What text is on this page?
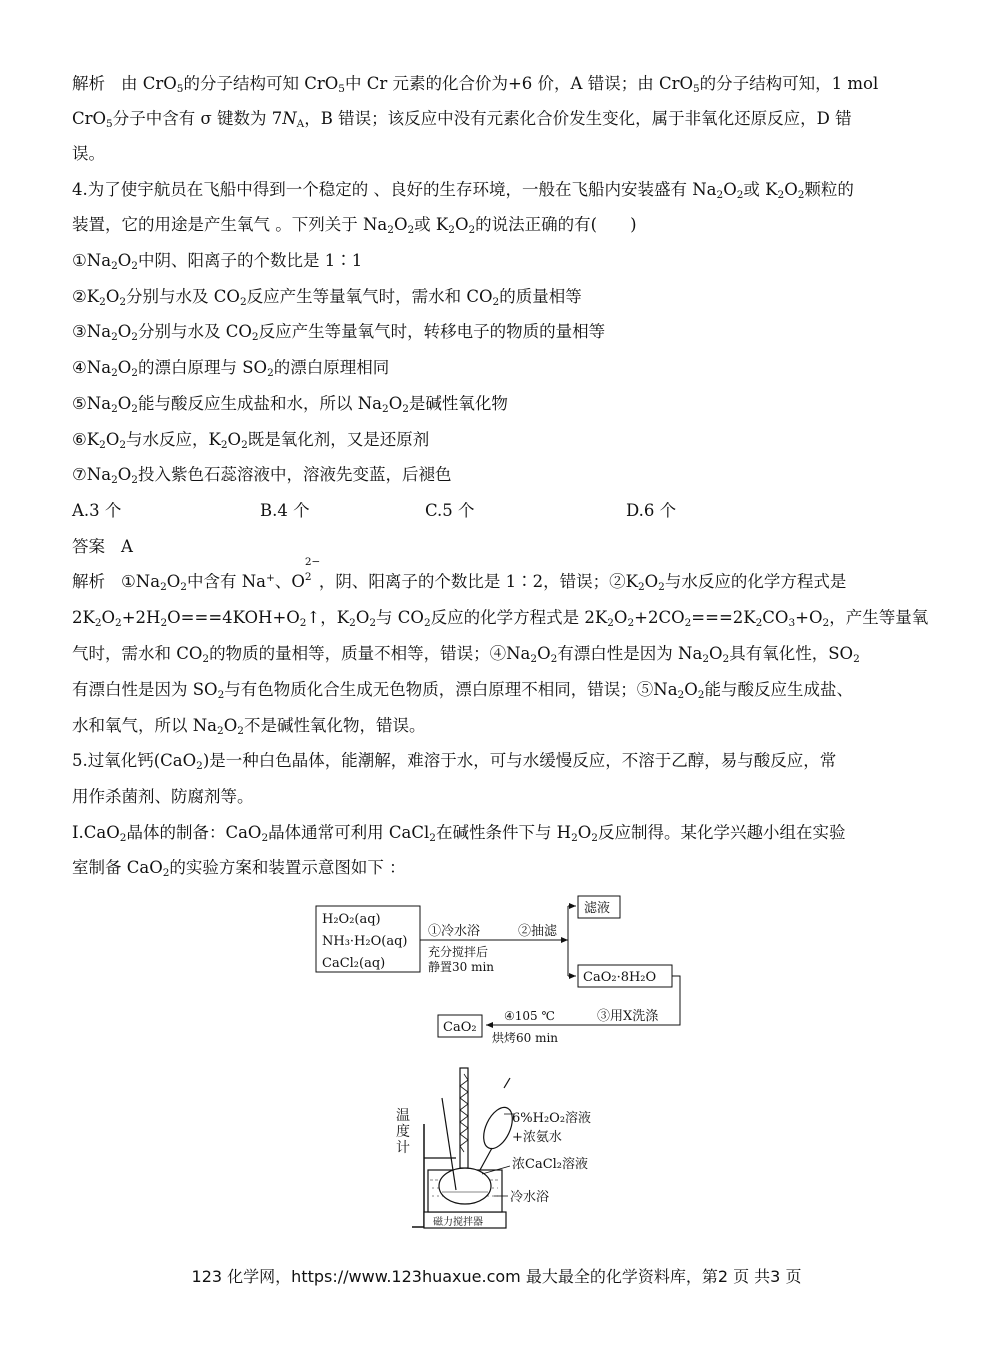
解析 由 CrO$_5$的分子结构可知 CrO$_5$中 Cr 元素的化合价为+6 价，A 错误；由 CrO$_5$的分子结构可知，1 mol
CrO$_5$分子中含有 σ 键数为 $7N_A$，B 错误；该反应中没有元素化合价发生变化，属于非氧化还原反应，D 错
误。
4.为了使宇航员在飞船中得到一个稳定的 、良好的生存环境，一般在飞船内安装盛有 $Na_2O_2$或 $K_2O_2$颗粒的
装置，它的用途是产生氧气 。下列关于 $Na_2O_2$或 $K_2O_2$的说法正确的有(　　)
$①Na_2O_2$中阴、阳离子的个数比是 1∶1
$②K_2O_2$分别与水及 $CO_2$反应产生等量氧气时，需水和 $CO_2$的质量相等
$③Na_2O_2$分别与水及 $CO_2$反应产生等量氧气时，转移电子的物质的量相等
$④Na_2O_2$的漂白原理与 $SO_2$的漂白原理相同
$⑤Na_2O_2$能与酸反应生成盐和水，所以 $Na_2O_2$是碱性氧化物
$⑥K_2O_2$与水反应，$K_2O_2$既是氧化剂，又是还原剂
$⑦Na_2O_2$投入紫色石蕊溶液中，溶液先变蓝，后褪色
A.3 个	B.4 个	C.5 个	D.6 个
答案 A
解析 $①Na_2O_2$中含有 Na+、O
2−
2 ，阴、阳离子的个数比是 1∶2，错误；$②K_2O_2$与水反应的化学方程式是
$2K_2O_2+2H_2O===4KOH+O_2↑$，$K_2O_2$与 $CO_2$反应的化学方程式是 $2K_2O_2+2CO_2===2K_2CO_3+O_2$，产生等量氧
气时，需水和 $CO_2$的物质的量相等，质量不相等，错误；$④Na_2O_2$有漂白性是因为 $Na_2O_2$具有氧化性，$SO_2$
有漂白性是因为 $SO_2$与有色物质化合生成无色物质，漂白原理不相同，错误；$⑤Na_2O_2$能与酸反应生成盐、
水和氧气，所以 $Na_2O_2$不是碱性氧化物，错误。
5.过氧化钙(CaO$_2$)是一种白色晶体，能潮解，难溶于水，可与水缓慢反应，不溶于乙醇，易与酸反应，常
用作杀菌剂、防腐剂等。
Ⅰ.CaO$_2$晶体的制备：CaO$_2$晶体通常可利用 CaCl$_2$在碱性条件下与 $H_2O_2$反应制得。某化学兴趣小组在实验
室制备 CaO$_2$的实验方案和装置示意图如下 ：
H₂O₂(aq)
NH₃·H₂O(aq)
CaCl₂(aq)
①冷水浴
充分搅拌后
静置30 min
②抽滤
滤液
CaO₂·8H₂O
③用X洗涤
④105 ℃
烘烤60 min
CaO₂
温
度
计
磁力搅拌器
6%H₂O₂溶液
+浓氨水
浓CaCl₂溶液
冷水浴
123 化学网，https://www.123huaxue.com 最大最全的化学资料库，第2 页 共3 页
